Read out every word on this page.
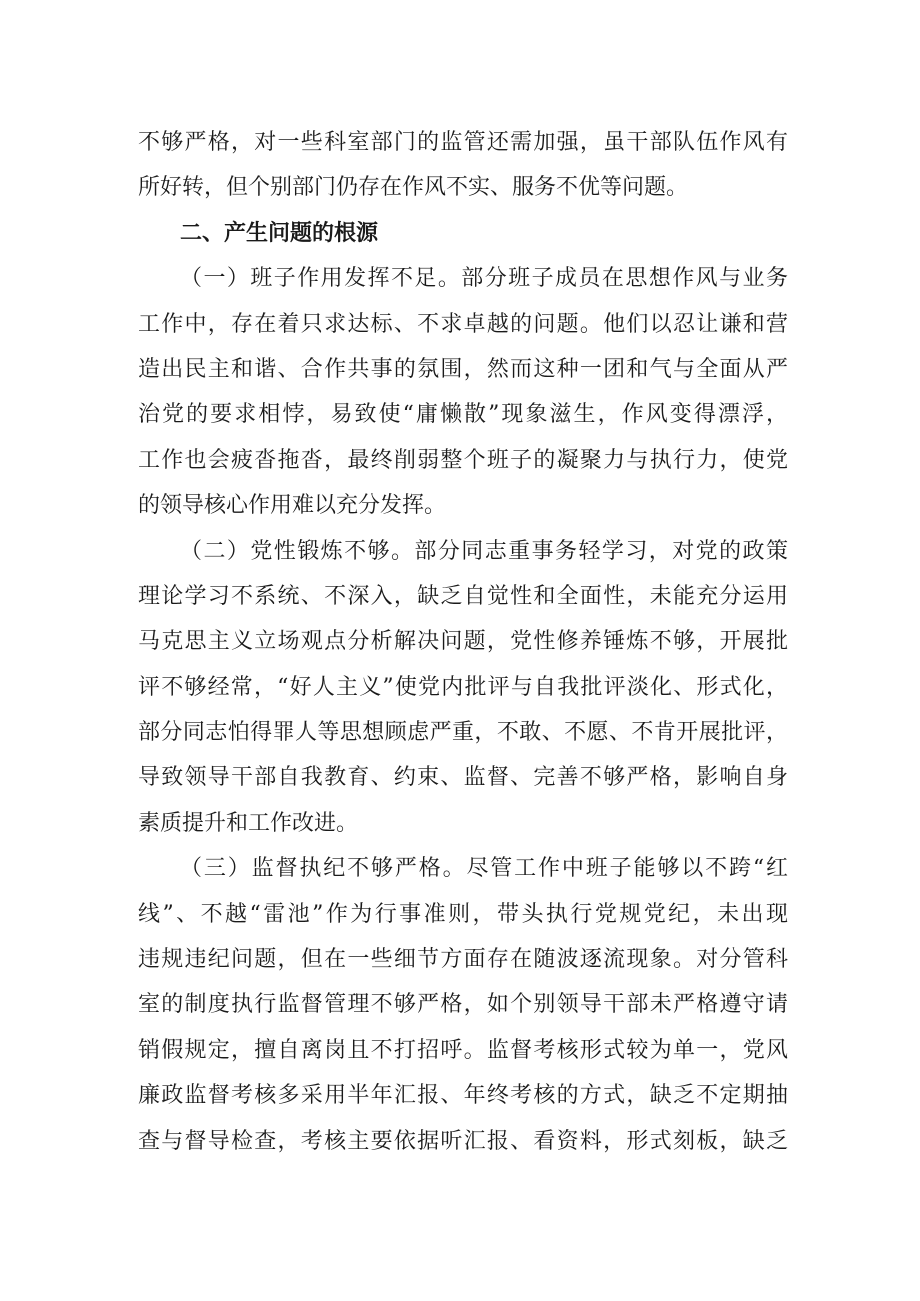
不够严格，对一些科室部门的监管还需加强，虽干部队伍作风有
所好转，但个别部门仍存在作风不实、服务不优等问题。
二、产生问题的根源
（一）班子作用发挥不足。部分班子成员在思想作风与业务
工作中，存在着只求达标、不求卓越的问题。他们以忍让谦和营
造出民主和谐、合作共事的氛围，然而这种一团和气与全面从严
治党的要求相悖，易致使“庸懒散”现象滋生，作风变得漂浮，
工作也会疲沓拖沓，最终削弱整个班子的凝聚力与执行力，使党
的领导核心作用难以充分发挥。
（二）党性锻炼不够。部分同志重事务轻学习，对党的政策
理论学习不系统、不深入，缺乏自觉性和全面性，未能充分运用
马克思主义立场观点分析解决问题，党性修养锤炼不够，开展批
评不够经常，“好人主义”使党内批评与自我批评淡化、形式化，
部分同志怕得罪人等思想顾虑严重，不敢、不愿、不肯开展批评，
导致领导干部自我教育、约束、监督、完善不够严格，影响自身
素质提升和工作改进。
（三）监督执纪不够严格。尽管工作中班子能够以不跨“红
线”、不越“雷池”作为行事准则，带头执行党规党纪，未出现
违规违纪问题，但在一些细节方面存在随波逐流现象。对分管科
室的制度执行监督管理不够严格，如个别领导干部未严格遵守请
销假规定，擅自离岗且不打招呼。监督考核形式较为单一，党风
廉政监督考核多采用半年汇报、年终考核的方式，缺乏不定期抽
查与督导检查，考核主要依据听汇报、看资料，形式刻板，缺乏
